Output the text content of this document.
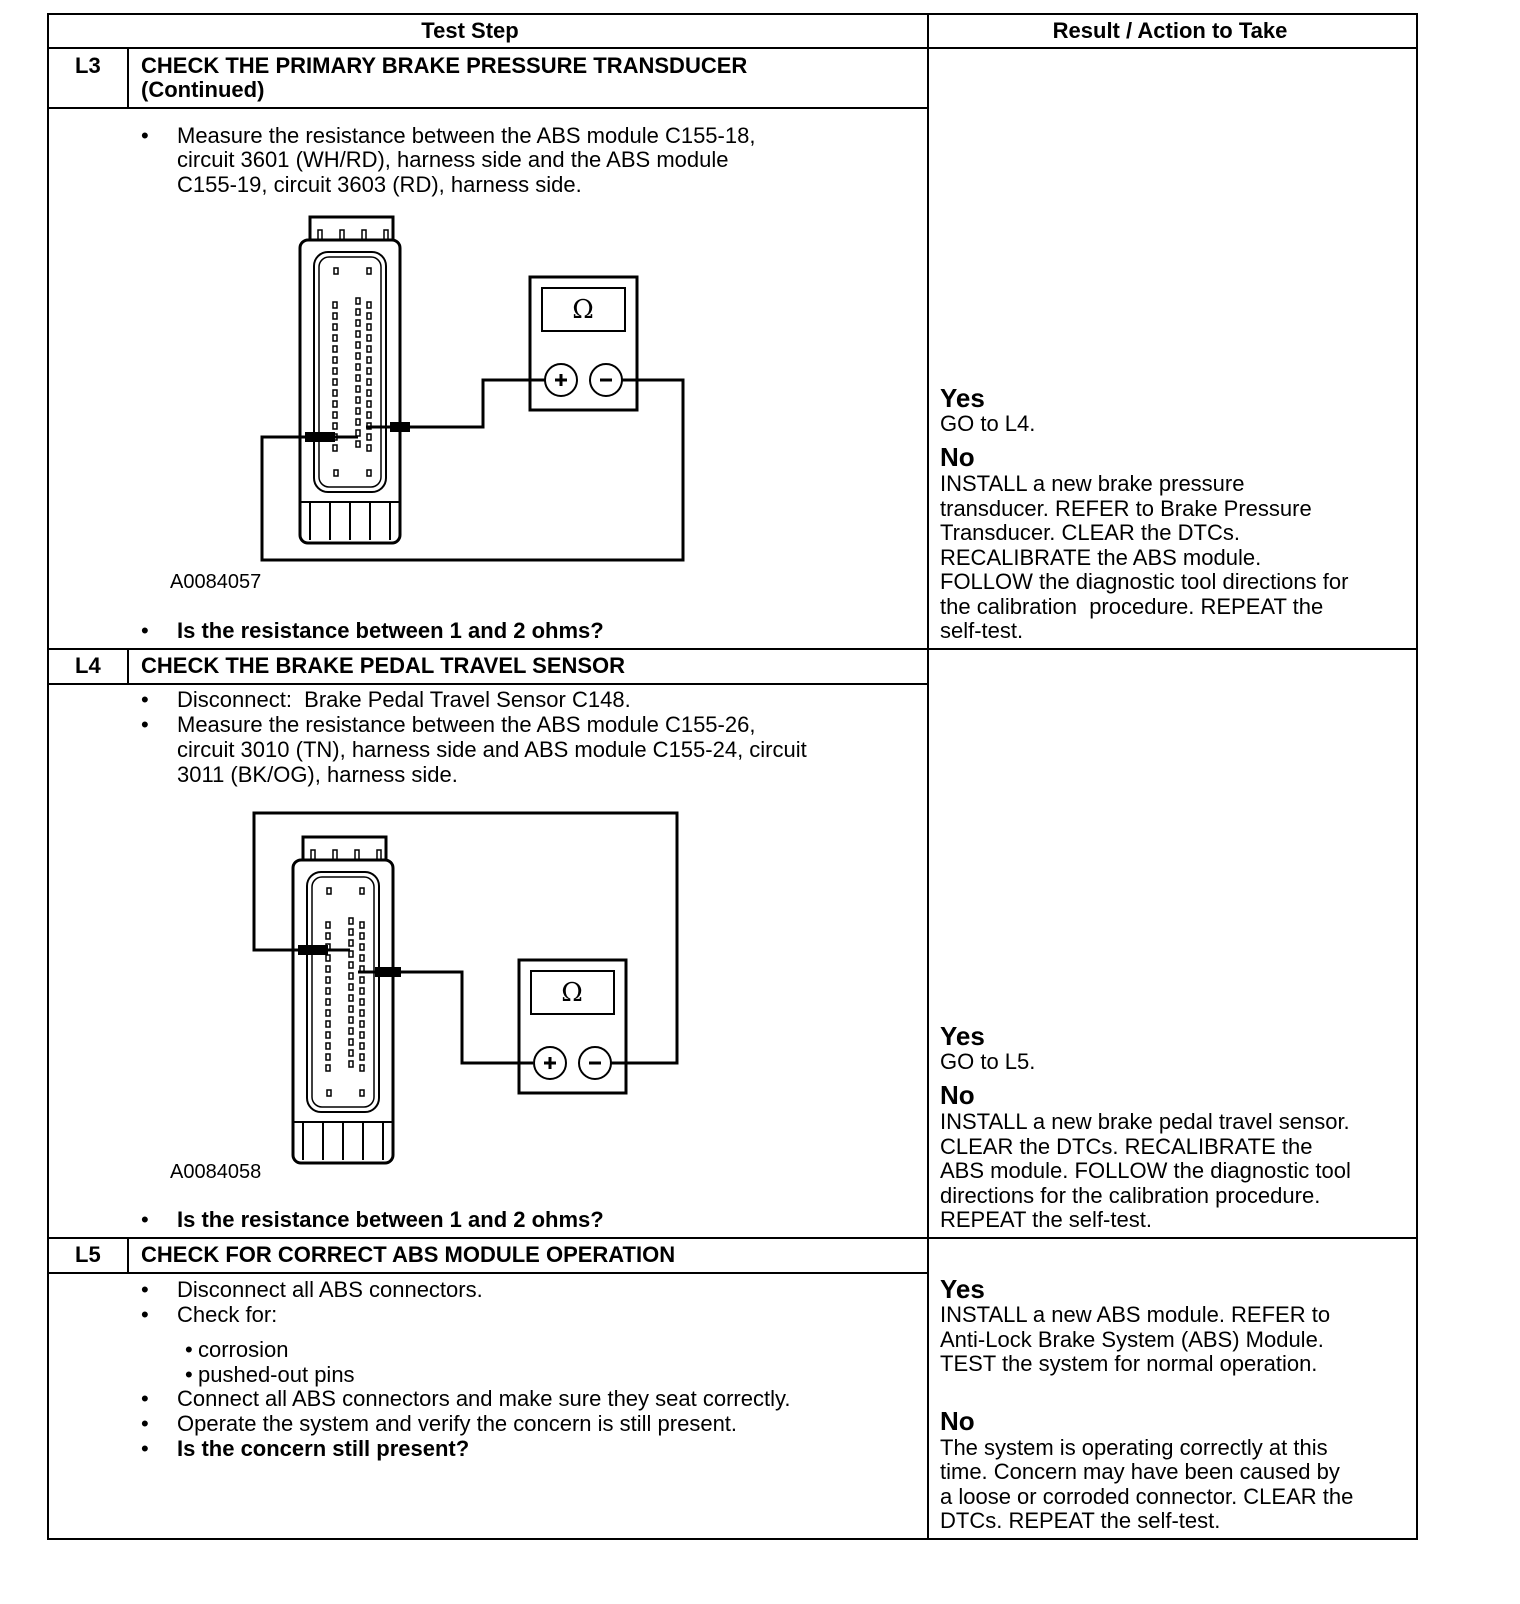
Test Step	Result / Action to Take
Ω
Ω
L3 CHECK THE PRIMARY BRAKE PRESSURE TRANSDUCER
(Continued)
• Measure the resistance between the ABS module C155-18,
circuit 3601 (WH/RD), harness side and the ABS module
C155-19, circuit 3603 (RD), harness side.
A0084057
• Is the resistance between 1 and 2 ohms?
Yes
GO to L4.
No
INSTALL a new brake pressure
transducer. REFER to Brake Pressure
Transducer. CLEAR the DTCs.
RECALIBRATE the ABS module.
FOLLOW the diagnostic tool directions for
the calibration  procedure. REPEAT the
self-test.
L4 CHECK THE BRAKE PEDAL TRAVEL SENSOR
• Disconnect:  Brake Pedal Travel Sensor C148.
• Measure the resistance between the ABS module C155-26,
circuit 3010 (TN), harness side and ABS module C155-24, circuit
3011 (BK/OG), harness side.
A0084058
• Is the resistance between 1 and 2 ohms?
Yes
GO to L5.
No
INSTALL a new brake pedal travel sensor.
CLEAR the DTCs. RECALIBRATE the
ABS module. FOLLOW the diagnostic tool
directions for the calibration procedure.
REPEAT the self-test.
L5 CHECK FOR CORRECT ABS MODULE OPERATION
• Disconnect all ABS connectors.
• Check for:
• Connect all ABS connectors and make sure they seat correctly.
• Operate the system and verify the concern is still present.
• corrosion
• pushed-out pins
• Is the concern still present?
Yes
INSTALL a new ABS module. REFER to
Anti-Lock Brake System (ABS) Module.
TEST the system for normal operation.
No
The system is operating correctly at this
time. Concern may have been caused by
a loose or corroded connector. CLEAR the
DTCs. REPEAT the self-test.
